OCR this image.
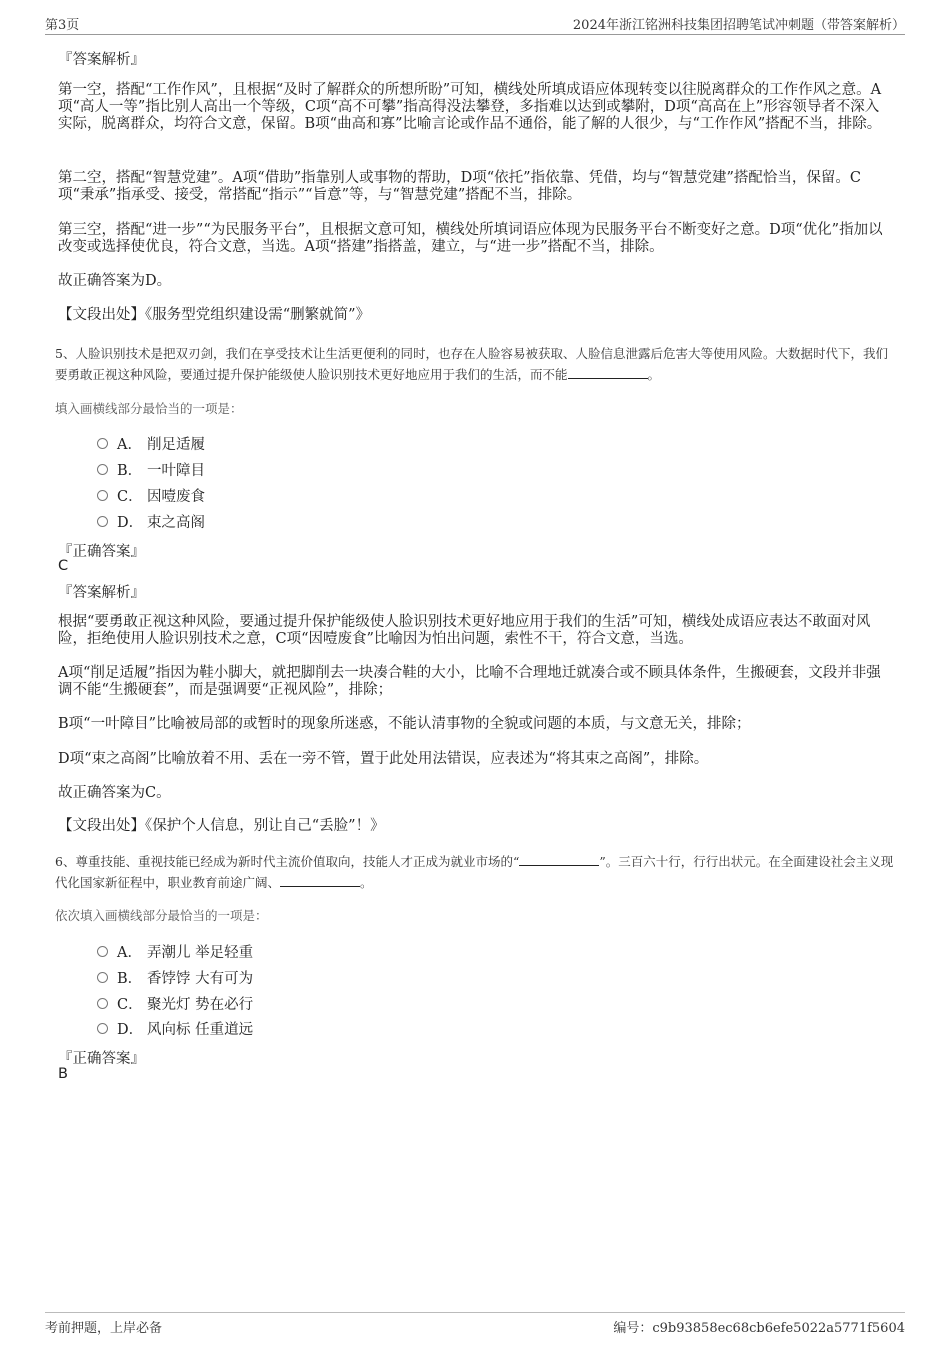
第3页	2024年浙江铭洲科技集团招聘笔试冲刺题（带答案解析）
『答案解析』
第一空，搭配“工作作风”，且根据“及时了解群众的所想所盼”可知，横线处所填成语应体现转变以往脱离群众的工作作风之意。A项“高人一等”指比别人高出一个等级，C项“高不可攀”指高得没法攀登，多指难以达到或攀附，D项“高高在上”形容领导者不深入实际，脱离群众，均符合文意，保留。B项“曲高和寡”比喻言论或作品不通俗，能了解的人很少，与“工作作风”搭配不当，排除。
第二空，搭配“智慧党建”。A项“借助”指靠别人或事物的帮助，D项“依托”指依靠、凭借，均与“智慧党建”搭配恰当，保留。C项“秉承”指承受、接受，常搭配“指示”“旨意”等，与“智慧党建”搭配不当，排除。
第三空，搭配“进一步”“为民服务平台”，且根据文意可知，横线处所填词语应体现为民服务平台不断变好之意。D项“优化”指加以改变或选择使优良，符合文意，当选。A项“搭建”指搭盖，建立，与“进一步”搭配不当，排除。
故正确答案为D。
【文段出处】《服务型党组织建设需“删繁就简”》
5、人脸识别技术是把双刃剑，我们在享受技术让生活更便利的同时，也存在人脸容易被获取、人脸信息泄露后危害大等使用风险。大数据时代下，我们要勇敢正视这种风险，要通过提升保护能级使人脸识别技术更好地应用于我们的生活，而不能	。
填入画横线部分最恰当的一项是：
A． 削足适履
B． 一叶障目
C． 因噎废食
D． 束之高阁
『正确答案』
C
『答案解析』
根据“要勇敢正视这种风险，要通过提升保护能级使人脸识别技术更好地应用于我们的生活”可知，横线处成语应表达不敢面对风险，拒绝使用人脸识别技术之意，C项“因噎废食”比喻因为怕出问题，索性不干，符合文意，当选。
A项“削足适履”指因为鞋小脚大，就把脚削去一块凑合鞋的大小，比喻不合理地迁就凑合或不顾具体条件，生搬硬套，文段并非强调不能“生搬硬套”，而是强调要“正视风险”，排除；
B项“一叶障目”比喻被局部的或暂时的现象所迷惑，不能认清事物的全貌或问题的本质，与文意无关，排除；
D项“束之高阁”比喻放着不用、丢在一旁不管，置于此处用法错误，应表述为“将其束之高阁”，排除。
故正确答案为C。
【文段出处】《保护个人信息，别让自己“丢脸”！》
6、尊重技能、重视技能已经成为新时代主流价值取向，技能人才正成为就业市场的“	”。三百六十行，行行出状元。在全面建设社会主义现代化国家新征程中，职业教育前途广阔、	。
依次填入画横线部分最恰当的一项是：
A． 弄潮儿 举足轻重
B． 香饽饽 大有可为
C． 聚光灯 势在必行
D． 风向标 任重道远
『正确答案』
B
考前押题，上岸必备	编号：c9b93858ec68cb6efe5022a5771f5604
